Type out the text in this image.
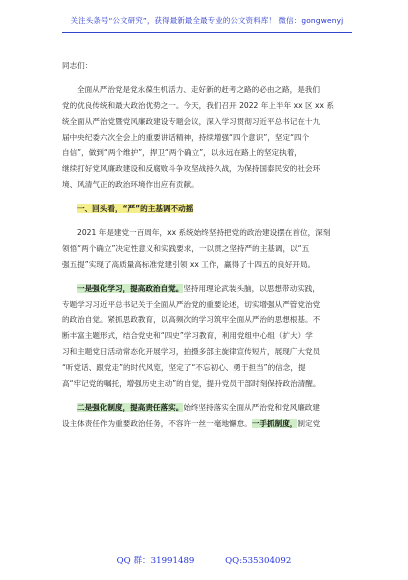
关注头条号“公文研究”，获得最新最全最专业的公文资料库！ 微信：gongwenyj
同志们：
全面从严治党是党永葆生机活力、走好新的赶考之路的必由之路，是我们
党的优良传统和最大政治优势之一。今天，我们召开 2022 年上半年 xx 区 xx 系
统全面从严治党暨党风廉政建设专题会议，深入学习贯彻习近平总书记在十九
届中央纪委六次全会上的重要讲话精神，持续增强“四个意识”，坚定“四个
自信”，做到“两个维护”，捍卫“两个确立”，以永远在路上的坚定执着，
继续打好党风廉政建设和反腐败斗争攻坚战持久战，为保持国泰民安的社会环
境、风清气正的政治环境作出应有贡献。
一、回头看，“严”的主基调不动摇
2021 年是建党一百周年，xx 系统始终坚持把党的政治建设摆在首位，深刻
领悟“两个确立”决定性意义和实践要求，一以贯之坚持严的主基调，以“五
强五提”实现了高质量高标准党建引领 xx 工作，赢得了十四五的良好开局。
一是强化学习，提高政治自觉。坚持用理论武装头脑，以思想带动实践，
专题学习习近平总书记关于全面从严治党的重要论述，切实增强从严管党治党
的政治自觉。紧抓思政教育，以高频次的学习筑牢全面从严治的思想根基。不
断丰富主题形式，结合党史和“四史”学习教育，利用党组中心组（扩大）学
习和主题党日活动常态化开展学习，拍摄多部主旋律宣传短片，展现广大党员
“听党话、跟党走”的时代风览，坚定了“不忘初心、勇于担当”的信念，提
高“牢记党的嘱托，增强历史主动”的自觉，提升党员干部时刻保持政治清醒。
二是强化制度，提高责任落实。始终坚持落实全面从严治党和党风廉政建
设主体责任作为重要政治任务，不容许一丝一毫地懈怠。一手抓制度，制定党
QQ 群：31991489	QQ:535304092
